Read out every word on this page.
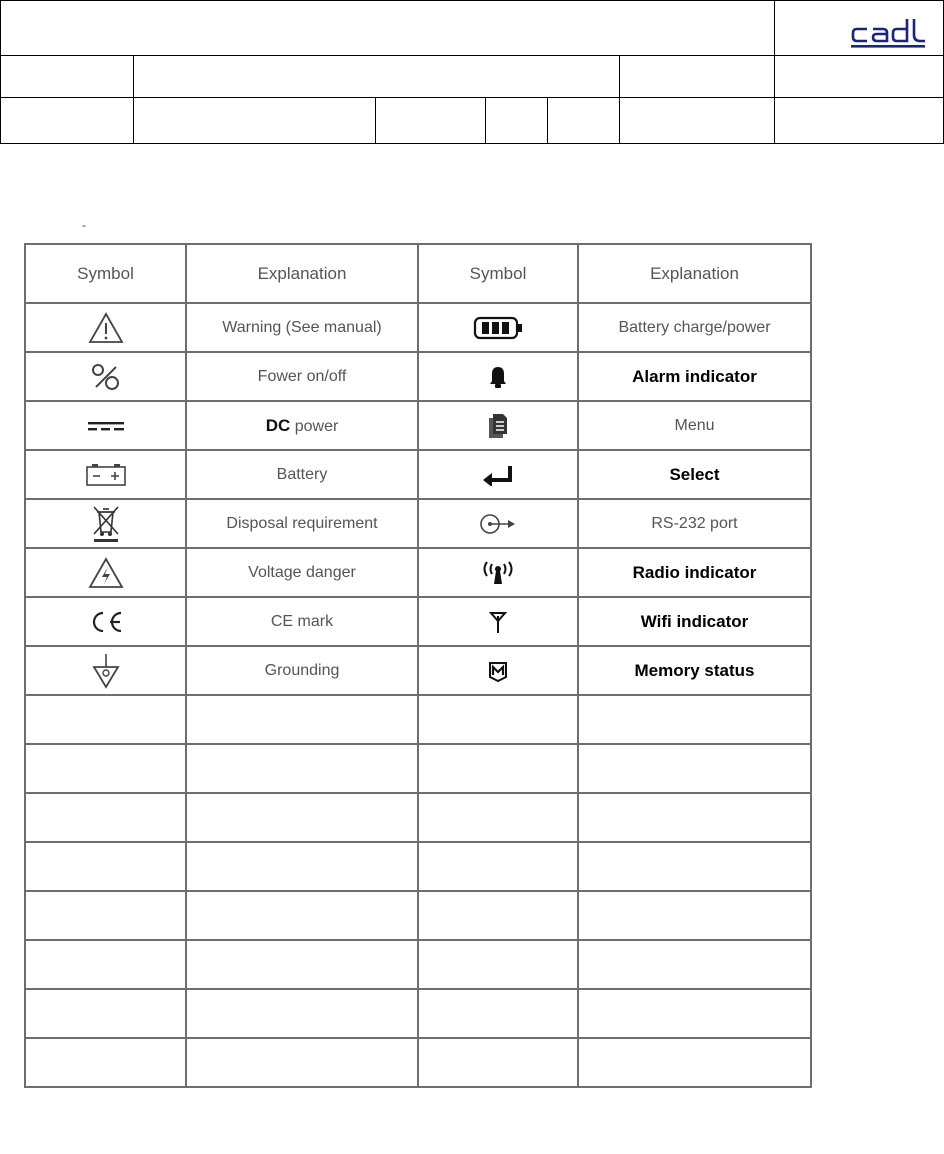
-
Symbol	Explanation	Symbol	Explanation

	Warning (See manual)		Battery charge/power

	Fower on/off		Alarm indicator

	DC power		Menu

	Battery		Select

	Disposal requirement		RS-232 port

	Voltage danger		Radio indicator

	CE mark		Wifi indicator

	Grounding		Memory status
